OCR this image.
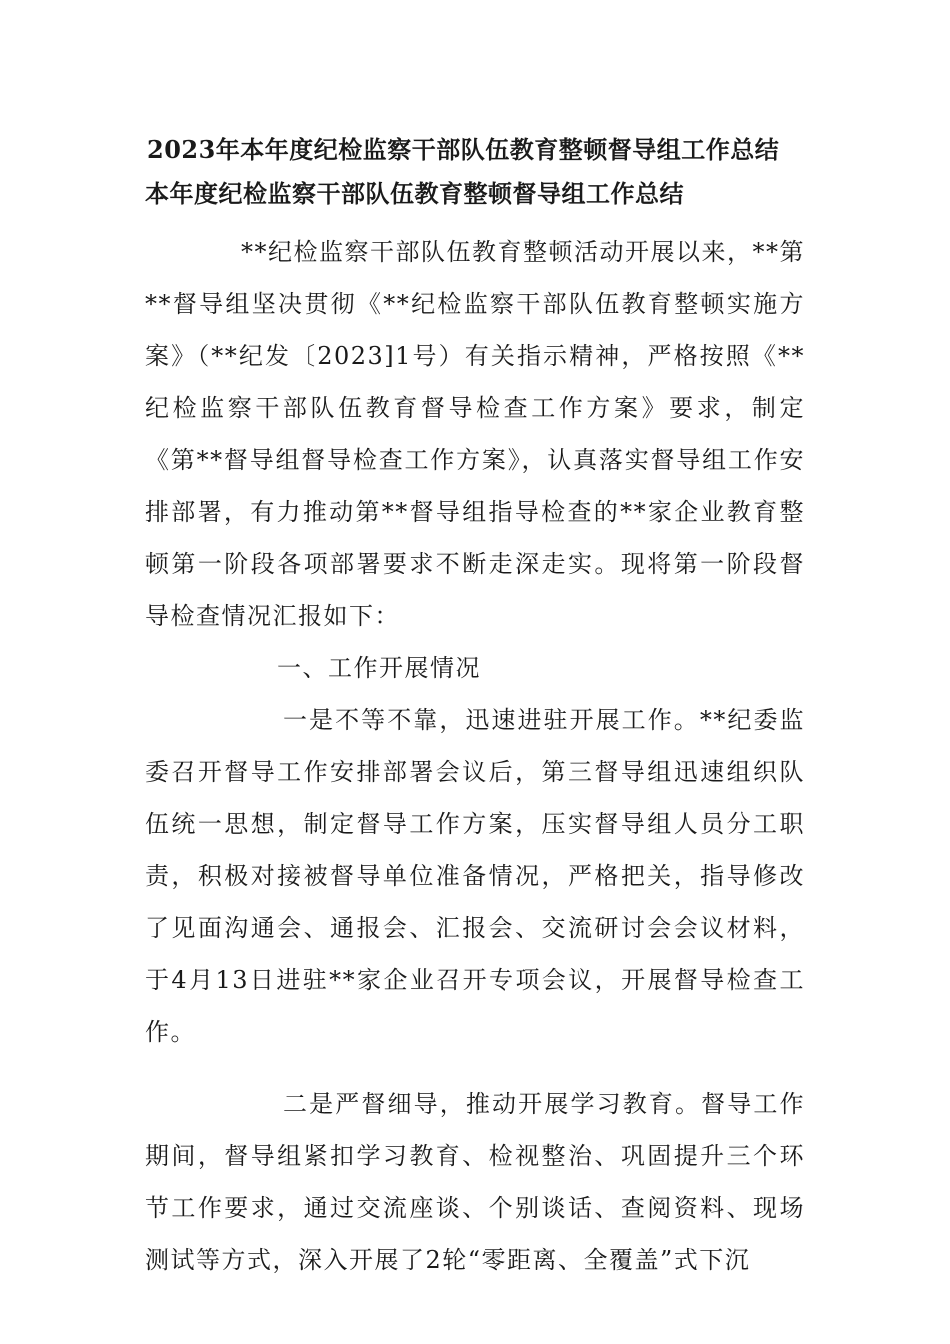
2023年本年度纪检监察干部队伍教育整顿督导组工作总结
本年度纪检监察干部队伍教育整顿督导组工作总结

**纪检监察干部队伍教育整顿活动开展以来，**第**督导组坚决贯彻《**纪检监察干部队伍教育整顿实施方案》（**纪发〔2023]1号）有关指示精神，严格按照《**纪检监察干部队伍教育督导检查工作方案》要求，制定《第**督导组督导检查工作方案》，认真落实督导组工作安排部署，有力推动第**督导组指导检查的**家企业教育整顿第一阶段各项部署要求不断走深走实。现将第一阶段督导检查情况汇报如下：

一、工作开展情况

一是不等不靠，迅速进驻开展工作。**纪委监委召开督导工作安排部署会议后，第三督导组迅速组织队伍统一思想，制定督导工作方案，压实督导组人员分工职责，积极对接被督导单位准备情况，严格把关，指导修改了见面沟通会、通报会、汇报会、交流研讨会会议材料，于4月13日进驻**家企业召开专项会议，开展督导检查工作。

二是严督细导，推动开展学习教育。督导工作期间，督导组紧扣学习教育、检视整治、巩固提升三个环节工作要求，通过交流座谈、个别谈话、查阅资料、现场测试等方式，深入开展了2轮“零距离、全覆盖”式下沉
